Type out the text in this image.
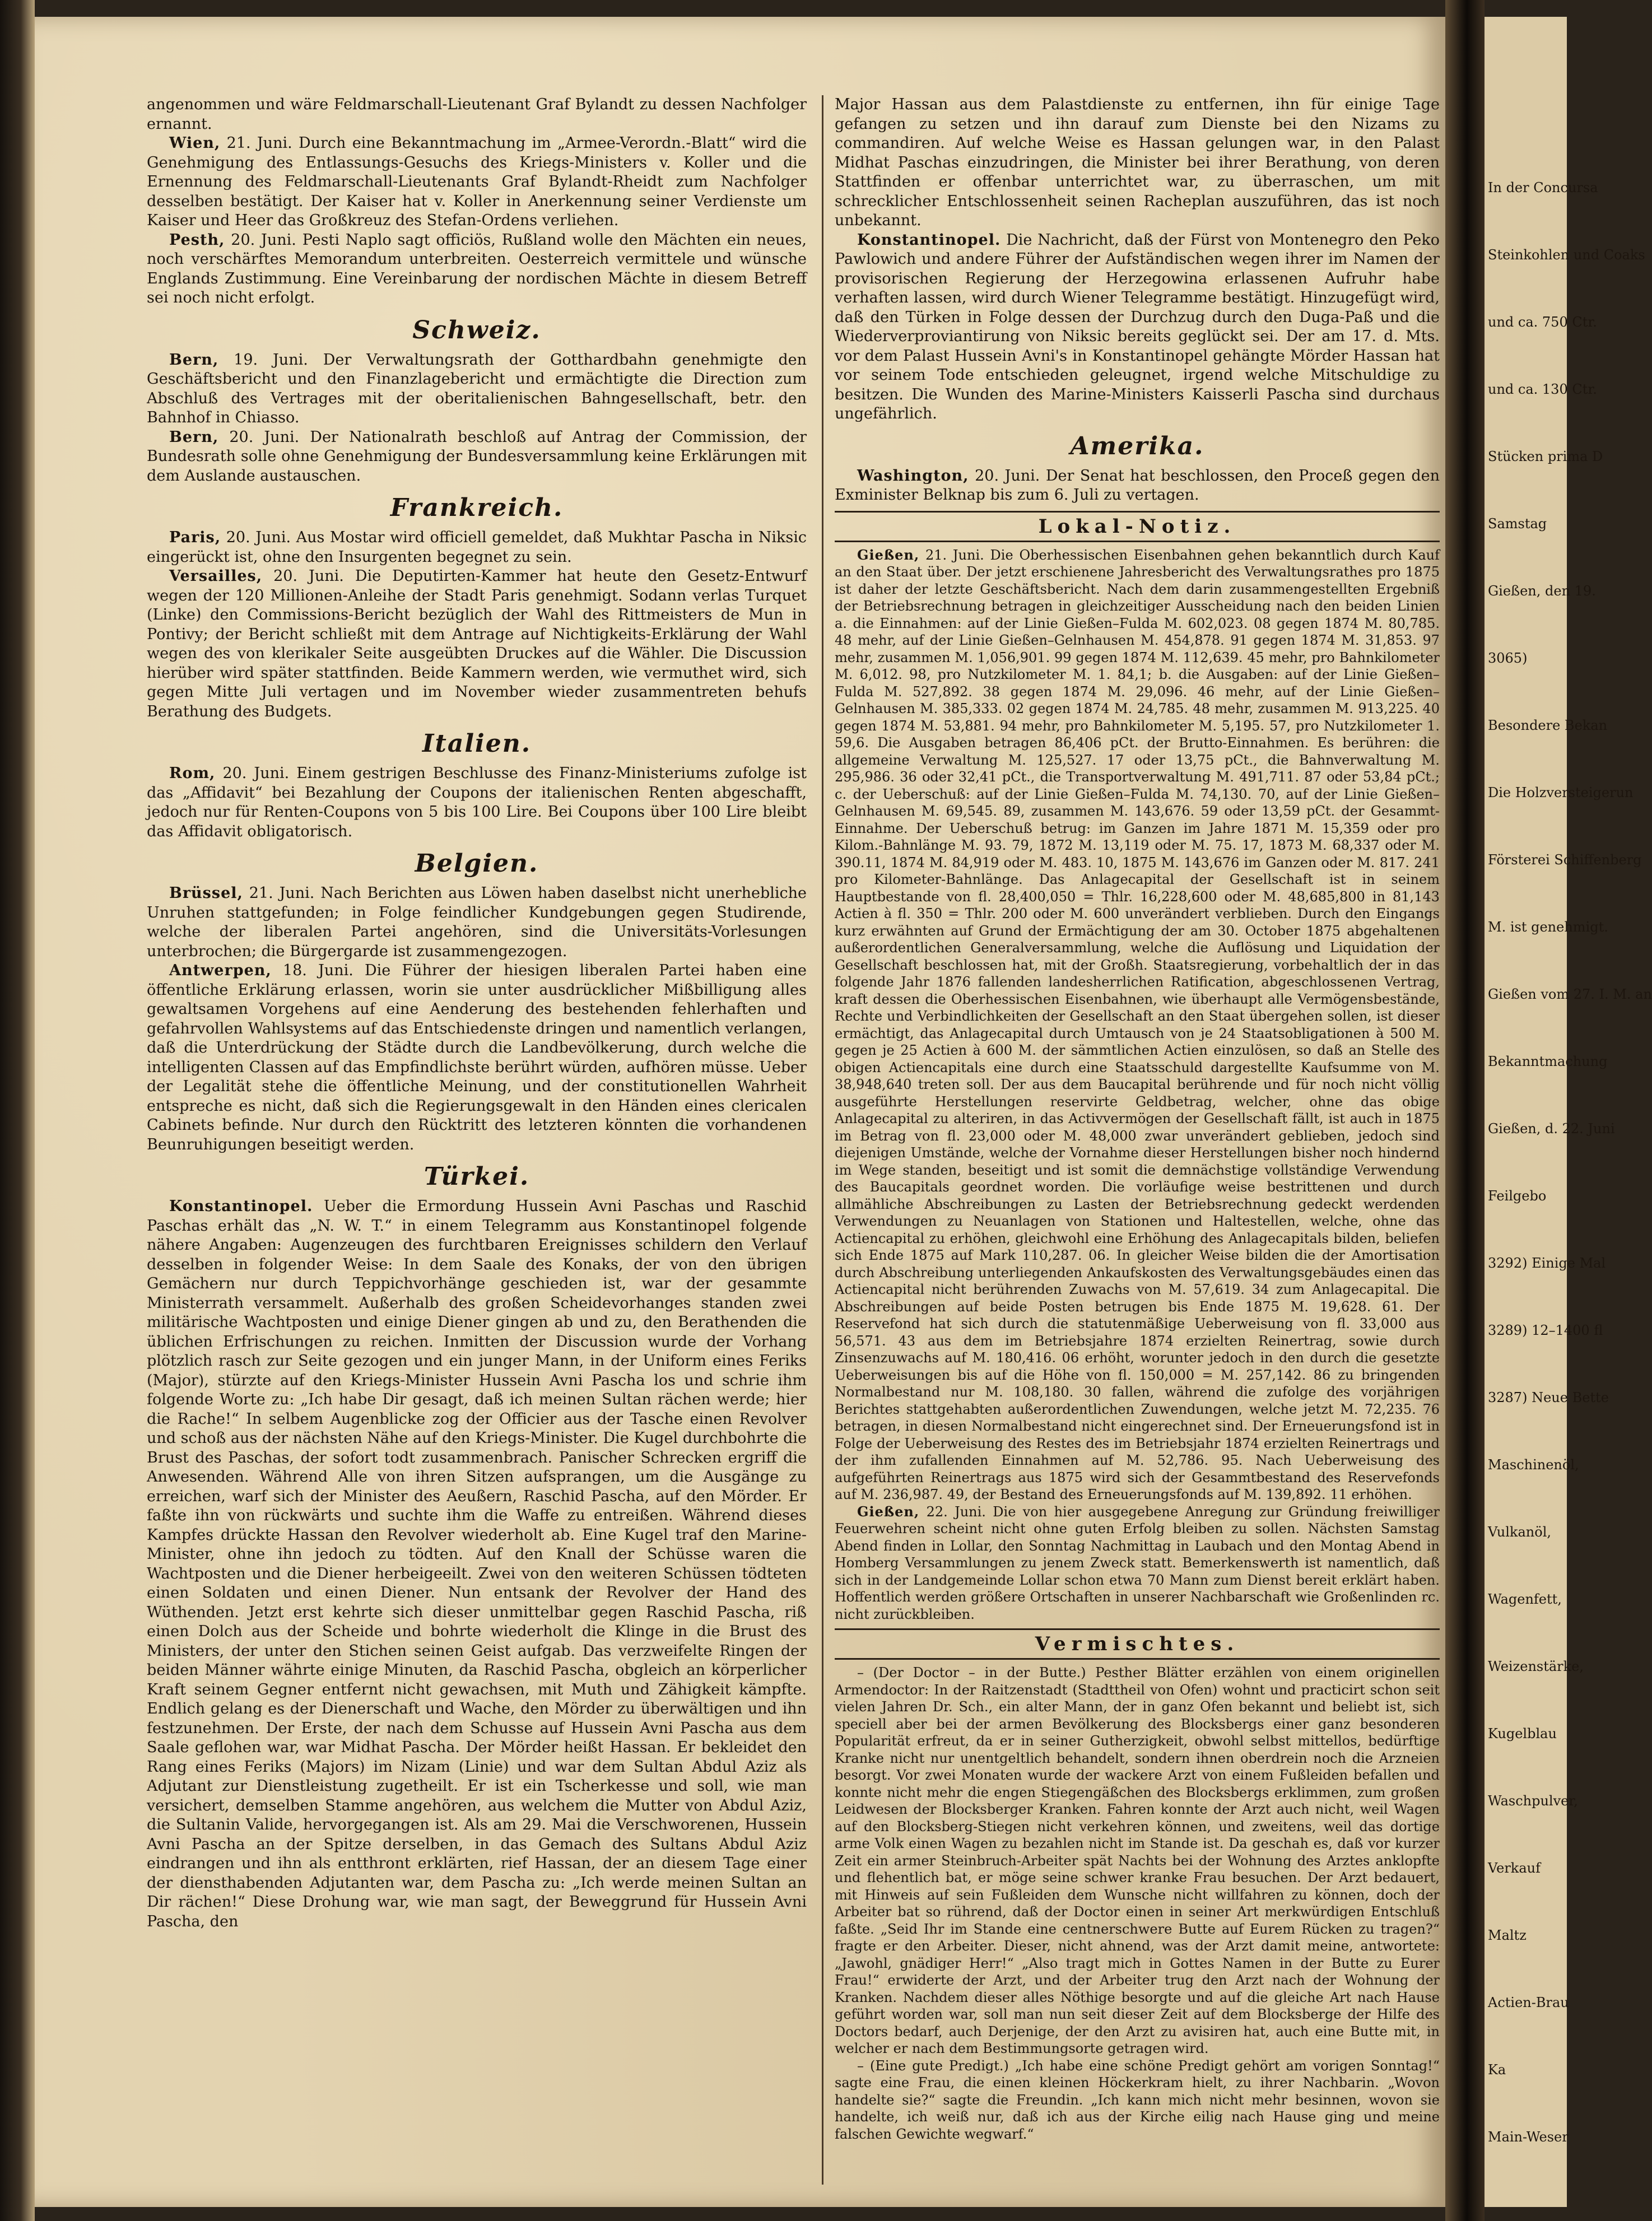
In der Concursa
Steinkohlen und Coaks
und ca. 750 Ctr.
und ca. 130 Ctr.
Stücken prima D
Samstag
Gießen, den 19.
3065)
Besondere Bekan
Die Holzversteigerun
Försterei Schiffenberg
M. ist genehmigt.
Gießen vom 27. I. M. an
Bekanntmachung
Gießen, d. 22. Juni
Feilgebo
3292) Einige Mal
3289) 12–1400 fl
3287) Neue Bette
Maschinenöl,
Vulkanöl,
Wagenfett,
Weizenstärke,
Kugelblau
Waschpulver,
Verkauf
Maltz
Actien-Brau
Ka
Main-Weser

angenommen und wäre Feldmarschall-Lieutenant Graf Bylandt zu dessen Nachfolger ernannt.

Wien, 21. Juni. Durch eine Bekanntmachung im „Armee-Verordn.-Blatt“ wird die Genehmigung des Entlassungs-Gesuchs des Kriegs-Ministers v. Koller und die Ernennung des Feldmarschall-Lieutenants Graf Bylandt-Rheidt zum Nachfolger desselben bestätigt. Der Kaiser hat v. Koller in Anerkennung seiner Verdienste um Kaiser und Heer das Großkreuz des Stefan-Ordens verliehen.

Pesth, 20. Juni. Pesti Naplo sagt officiös, Rußland wolle den Mächten ein neues, noch verschärftes Memorandum unterbreiten. Oesterreich vermittele und wünsche Englands Zustimmung. Eine Vereinbarung der nordischen Mächte in diesem Betreff sei noch nicht erfolgt.

Schweiz.

Bern, 19. Juni. Der Verwaltungsrath der Gotthardbahn genehmigte den Geschäftsbericht und den Finanzlagebericht und ermächtigte die Direction zum Abschluß des Vertrages mit der oberitalienischen Bahngesellschaft, betr. den Bahnhof in Chiasso.

Bern, 20. Juni. Der Nationalrath beschloß auf Antrag der Commission, der Bundesrath solle ohne Genehmigung der Bundesversammlung keine Erklärungen mit dem Auslande austauschen.

Frankreich.

Paris, 20. Juni. Aus Mostar wird officiell gemeldet, daß Mukhtar Pascha in Niksic eingerückt ist, ohne den Insurgenten begegnet zu sein.

Versailles, 20. Juni. Die Deputirten-Kammer hat heute den Gesetz-Entwurf wegen der 120 Millionen-Anleihe der Stadt Paris genehmigt. Sodann verlas Turquet (Linke) den Commissions-Bericht bezüglich der Wahl des Rittmeisters de Mun in Pontivy; der Bericht schließt mit dem Antrage auf Nichtigkeits-Erklärung der Wahl wegen des von klerikaler Seite ausgeübten Druckes auf die Wähler. Die Discussion hierüber wird später stattfinden. Beide Kammern werden, wie vermuthet wird, sich gegen Mitte Juli vertagen und im November wieder zusammentreten behufs Berathung des Budgets.

Italien.

Rom, 20. Juni. Einem gestrigen Beschlusse des Finanz-Ministeriums zufolge ist das „Affidavit“ bei Bezahlung der Coupons der italienischen Renten abgeschafft, jedoch nur für Renten-Coupons von 5 bis 100 Lire. Bei Coupons über 100 Lire bleibt das Affidavit obligatorisch.

Belgien.

Brüssel, 21. Juni. Nach Berichten aus Löwen haben daselbst nicht unerhebliche Unruhen stattgefunden; in Folge feindlicher Kundgebungen gegen Studirende, welche der liberalen Partei angehören, sind die Universitäts-Vorlesungen unterbrochen; die Bürgergarde ist zusammengezogen.

Antwerpen, 18. Juni. Die Führer der hiesigen liberalen Partei haben eine öffentliche Erklärung erlassen, worin sie unter ausdrücklicher Mißbilligung alles gewaltsamen Vorgehens auf eine Aenderung des bestehenden fehlerhaften und gefahrvollen Wahlsystems auf das Entschiedenste dringen und namentlich verlangen, daß die Unterdrückung der Städte durch die Landbevölkerung, durch welche die intelligenten Classen auf das Empfindlichste berührt würden, aufhören müsse. Ueber der Legalität stehe die öffentliche Meinung, und der constitutionellen Wahrheit entspreche es nicht, daß sich die Regierungsgewalt in den Händen eines clericalen Cabinets befinde. Nur durch den Rücktritt des letzteren könnten die vorhandenen Beunruhigungen beseitigt werden.

Türkei.

Konstantinopel. Ueber die Ermordung Hussein Avni Paschas und Raschid Paschas erhält das „N. W. T.“ in einem Telegramm aus Konstantinopel folgende nähere Angaben: Augenzeugen des furchtbaren Ereignisses schildern den Verlauf desselben in folgender Weise: In dem Saale des Konaks, der von den übrigen Gemächern nur durch Teppichvorhänge geschieden ist, war der gesammte Ministerrath versammelt. Außerhalb des großen Scheidevorhanges standen zwei militärische Wachtposten und einige Diener gingen ab und zu, den Berathenden die üblichen Erfrischungen zu reichen. Inmitten der Discussion wurde der Vorhang plötzlich rasch zur Seite gezogen und ein junger Mann, in der Uniform eines Feriks (Major), stürzte auf den Kriegs-Minister Hussein Avni Pascha los und schrie ihm folgende Worte zu: „Ich habe Dir gesagt, daß ich meinen Sultan rächen werde; hier die Rache!“ In selbem Augenblicke zog der Officier aus der Tasche einen Revolver und schoß aus der nächsten Nähe auf den Kriegs-Minister. Die Kugel durchbohrte die Brust des Paschas, der sofort todt zusammenbrach. Panischer Schrecken ergriff die Anwesenden. Während Alle von ihren Sitzen aufsprangen, um die Ausgänge zu erreichen, warf sich der Minister des Aeußern, Raschid Pascha, auf den Mörder. Er faßte ihn von rückwärts und suchte ihm die Waffe zu entreißen. Während dieses Kampfes drückte Hassan den Revolver wiederholt ab. Eine Kugel traf den Marine-Minister, ohne ihn jedoch zu tödten. Auf den Knall der Schüsse waren die Wachtposten und die Diener herbeigeeilt. Zwei von den weiteren Schüssen tödteten einen Soldaten und einen Diener. Nun entsank der Revolver der Hand des Wüthenden. Jetzt erst kehrte sich dieser unmittelbar gegen Raschid Pascha, riß einen Dolch aus der Scheide und bohrte wiederholt die Klinge in die Brust des Ministers, der unter den Stichen seinen Geist aufgab. Das verzweifelte Ringen der beiden Männer währte einige Minuten, da Raschid Pascha, obgleich an körperlicher Kraft seinem Gegner entfernt nicht gewachsen, mit Muth und Zähigkeit kämpfte. Endlich gelang es der Dienerschaft und Wache, den Mörder zu überwältigen und ihn festzunehmen. Der Erste, der nach dem Schusse auf Hussein Avni Pascha aus dem Saale geflohen war, war Midhat Pascha. Der Mörder heißt Hassan. Er bekleidet den Rang eines Feriks (Majors) im Nizam (Linie) und war dem Sultan Abdul Aziz als Adjutant zur Dienstleistung zugetheilt. Er ist ein Tscherkesse und soll, wie man versichert, demselben Stamme angehören, aus welchem die Mutter von Abdul Aziz, die Sultanin Valide, hervorgegangen ist. Als am 29. Mai die Verschworenen, Hussein Avni Pascha an der Spitze derselben, in das Gemach des Sultans Abdul Aziz eindrangen und ihn als entthront erklärten, rief Hassan, der an diesem Tage einer der diensthabenden Adjutanten war, dem Pascha zu: „Ich werde meinen Sultan an Dir rächen!“ Diese Drohung war, wie man sagt, der Beweggrund für Hussein Avni Pascha, den

Major Hassan aus dem Palastdienste zu entfernen, ihn für einige Tage gefangen zu setzen und ihn darauf zum Dienste bei den Nizams zu commandiren. Auf welche Weise es Hassan gelungen war, in den Palast Midhat Paschas einzudringen, die Minister bei ihrer Berathung, von deren Stattfinden er offenbar unterrichtet war, zu überraschen, um mit schrecklicher Entschlossenheit seinen Racheplan auszuführen, das ist noch unbekannt.

Konstantinopel. Die Nachricht, daß der Fürst von Montenegro den Peko Pawlowich und andere Führer der Aufständischen wegen ihrer im Namen der provisorischen Regierung der Herzegowina erlassenen Aufruhr habe verhaften lassen, wird durch Wiener Telegramme bestätigt. Hinzugefügt wird, daß den Türken in Folge dessen der Durchzug durch den Duga-Paß und die Wiederverproviantirung von Niksic bereits geglückt sei. Der am 17. d. Mts. vor dem Palast Hussein Avni's in Konstantinopel gehängte Mörder Hassan hat vor seinem Tode entschieden geleugnet, irgend welche Mitschuldige zu besitzen. Die Wunden des Marine-Ministers Kaisserli Pascha sind durchaus ungefährlich.

Amerika.

Washington, 20. Juni. Der Senat hat beschlossen, den Proceß gegen den Exminister Belknap bis zum 6. Juli zu vertagen.

Lokal-Notiz.

Gießen, 21. Juni. Die Oberhessischen Eisenbahnen gehen bekanntlich durch Kauf an den Staat über. Der jetzt erschienene Jahresbericht des Verwaltungsrathes pro 1875 ist daher der letzte Geschäftsbericht. Nach dem darin zusammengestellten Ergebniß der Betriebsrechnung betragen in gleichzeitiger Ausscheidung nach den beiden Linien a. die Einnahmen: auf der Linie Gießen–Fulda M. 602,023. 08 gegen 1874 M. 80,785. 48 mehr, auf der Linie Gießen–Gelnhausen M. 454,878. 91 gegen 1874 M. 31,853. 97 mehr, zusammen M. 1,056,901. 99 gegen 1874 M. 112,639. 45 mehr, pro Bahnkilometer M. 6,012. 98, pro Nutzkilometer M. 1. 84,1; b. die Ausgaben: auf der Linie Gießen–Fulda M. 527,892. 38 gegen 1874 M. 29,096. 46 mehr, auf der Linie Gießen–Gelnhausen M. 385,333. 02 gegen 1874 M. 24,785. 48 mehr, zusammen M. 913,225. 40 gegen 1874 M. 53,881. 94 mehr, pro Bahnkilometer M. 5,195. 57, pro Nutzkilometer 1. 59,6. Die Ausgaben betragen 86,406 pCt. der Brutto-Einnahmen. Es berühren: die allgemeine Verwaltung M. 125,527. 17 oder 13,75 pCt., die Bahnverwaltung M. 295,986. 36 oder 32,41 pCt., die Transportverwaltung M. 491,711. 87 oder 53,84 pCt.; c. der Ueberschuß: auf der Linie Gießen–Fulda M. 74,130. 70, auf der Linie Gießen–Gelnhausen M. 69,545. 89, zusammen M. 143,676. 59 oder 13,59 pCt. der Gesammt-Einnahme. Der Ueberschuß betrug: im Ganzen im Jahre 1871 M. 15,359 oder pro Kilom.-Bahnlänge M. 93. 79, 1872 M. 13,119 oder M. 75. 17, 1873 M. 68,337 oder M. 390.11, 1874 M. 84,919 oder M. 483. 10, 1875 M. 143,676 im Ganzen oder M. 817. 241 pro Kilometer-Bahnlänge. Das Anlagecapital der Gesellschaft ist in seinem Hauptbestande von fl. 28,400,050 = Thlr. 16,228,600 oder M. 48,685,800 in 81,143 Actien à fl. 350 = Thlr. 200 oder M. 600 unverändert verblieben. Durch den Eingangs kurz erwähnten auf Grund der Ermächtigung der am 30. October 1875 abgehaltenen außerordentlichen Generalversammlung, welche die Auflösung und Liquidation der Gesellschaft beschlossen hat, mit der Großh. Staatsregierung, vorbehaltlich der in das folgende Jahr 1876 fallenden landesherrlichen Ratification, abgeschlossenen Vertrag, kraft dessen die Oberhessischen Eisenbahnen, wie überhaupt alle Vermögensbestände, Rechte und Verbindlichkeiten der Gesellschaft an den Staat übergehen sollen, ist dieser ermächtigt, das Anlagecapital durch Umtausch von je 24 Staatsobligationen à 500 M. gegen je 25 Actien à 600 M. der sämmtlichen Actien einzulösen, so daß an Stelle des obigen Actiencapitals eine durch eine Staatsschuld dargestellte Kaufsumme von M. 38,948,640 treten soll. Der aus dem Baucapital berührende und für noch nicht völlig ausgeführte Herstellungen reservirte Geldbetrag, welcher, ohne das obige Anlagecapital zu alteriren, in das Activvermögen der Gesellschaft fällt, ist auch in 1875 im Betrag von fl. 23,000 oder M. 48,000 zwar unverändert geblieben, jedoch sind diejenigen Umstände, welche der Vornahme dieser Herstellungen bisher noch hindernd im Wege standen, beseitigt und ist somit die demnächstige vollständige Verwendung des Baucapitals geordnet worden. Die vorläufige weise bestrittenen und durch allmähliche Abschreibungen zu Lasten der Betriebsrechnung gedeckt werdenden Verwendungen zu Neuanlagen von Stationen und Haltestellen, welche, ohne das Actiencapital zu erhöhen, gleichwohl eine Erhöhung des Anlagecapitals bilden, beliefen sich Ende 1875 auf Mark 110,287. 06. In gleicher Weise bilden die der Amortisation durch Abschreibung unterliegenden Ankaufskosten des Verwaltungsgebäudes einen das Actiencapital nicht berührenden Zuwachs von M. 57,619. 34 zum Anlagecapital. Die Abschreibungen auf beide Posten betrugen bis Ende 1875 M. 19,628. 61. Der Reservefond hat sich durch die statutenmäßige Ueberweisung von fl. 33,000 aus 56,571. 43 aus dem im Betriebsjahre 1874 erzielten Reinertrag, sowie durch Zinsenzuwachs auf M. 180,416. 06 erhöht, worunter jedoch in den durch die gesetzte Ueberweisungen bis auf die Höhe von fl. 150,000 = M. 257,142. 86 zu bringenden Normalbestand nur M. 108,180. 30 fallen, während die zufolge des vorjährigen Berichtes stattgehabten außerordentlichen Zuwendungen, welche jetzt M. 72,235. 76 betragen, in diesen Normalbestand nicht eingerechnet sind. Der Erneuerungsfond ist in Folge der Ueberweisung des Restes des im Betriebsjahr 1874 erzielten Reinertrags und der ihm zufallenden Einnahmen auf M. 52,786. 95. Nach Ueberweisung des aufgeführten Reinertrags aus 1875 wird sich der Gesammtbestand des Reservefonds auf M. 236,987. 49, der Bestand des Erneuerungsfonds auf M. 139,892. 11 erhöhen.

Gießen, 22. Juni. Die von hier ausgegebene Anregung zur Gründung freiwilliger Feuerwehren scheint nicht ohne guten Erfolg bleiben zu sollen. Nächsten Samstag Abend finden in Lollar, den Sonntag Nachmittag in Laubach und den Montag Abend in Homberg Versammlungen zu jenem Zweck statt. Bemerkenswerth ist namentlich, daß sich in der Landgemeinde Lollar schon etwa 70 Mann zum Dienst bereit erklärt haben. Hoffentlich werden größere Ortschaften in unserer Nachbarschaft wie Großenlinden rc. nicht zurückbleiben.

Vermischtes.

– (Der Doctor – in der Butte.) Pesther Blätter erzählen von einem originellen Armendoctor: In der Raitzenstadt (Stadttheil von Ofen) wohnt und practicirt schon seit vielen Jahren Dr. Sch., ein alter Mann, der in ganz Ofen bekannt und beliebt ist, sich speciell aber bei der armen Bevölkerung des Blocksbergs einer ganz besonderen Popularität erfreut, da er in seiner Gutherzigkeit, obwohl selbst mittellos, bedürftige Kranke nicht nur unentgeltlich behandelt, sondern ihnen oberdrein noch die Arzneien besorgt. Vor zwei Monaten wurde der wackere Arzt von einem Fußleiden befallen und konnte nicht mehr die engen Stiegengäßchen des Blocksbergs erklimmen, zum großen Leidwesen der Blocksberger Kranken. Fahren konnte der Arzt auch nicht, weil Wagen auf den Blocksberg-Stiegen nicht verkehren können, und zweitens, weil das dortige arme Volk einen Wagen zu bezahlen nicht im Stande ist. Da geschah es, daß vor kurzer Zeit ein armer Steinbruch-Arbeiter spät Nachts bei der Wohnung des Arztes anklopfte und flehentlich bat, er möge seine schwer kranke Frau besuchen. Der Arzt bedauert, mit Hinweis auf sein Fußleiden dem Wunsche nicht willfahren zu können, doch der Arbeiter bat so rührend, daß der Doctor einen in seiner Art merkwürdigen Entschluß faßte. „Seid Ihr im Stande eine centnerschwere Butte auf Eurem Rücken zu tragen?“ fragte er den Arbeiter. Dieser, nicht ahnend, was der Arzt damit meine, antwortete: „Jawohl, gnädiger Herr!“ „Also tragt mich in Gottes Namen in der Butte zu Eurer Frau!“ erwiderte der Arzt, und der Arbeiter trug den Arzt nach der Wohnung der Kranken. Nachdem dieser alles Nöthige besorgte und auf die gleiche Art nach Hause geführt worden war, soll man nun seit dieser Zeit auf dem Blocksberge der Hilfe des Doctors bedarf, auch Derjenige, der den Arzt zu avisiren hat, auch eine Butte mit, in welcher er nach dem Bestimmungsorte getragen wird.

– (Eine gute Predigt.) „Ich habe eine schöne Predigt gehört am vorigen Sonntag!“ sagte eine Frau, die einen kleinen Höckerkram hielt, zu ihrer Nachbarin. „Wovon handelte sie?“ sagte die Freundin. „Ich kann mich nicht mehr besinnen, wovon sie handelte, ich weiß nur, daß ich aus der Kirche eilig nach Hause ging und meine falschen Gewichte wegwarf.“
